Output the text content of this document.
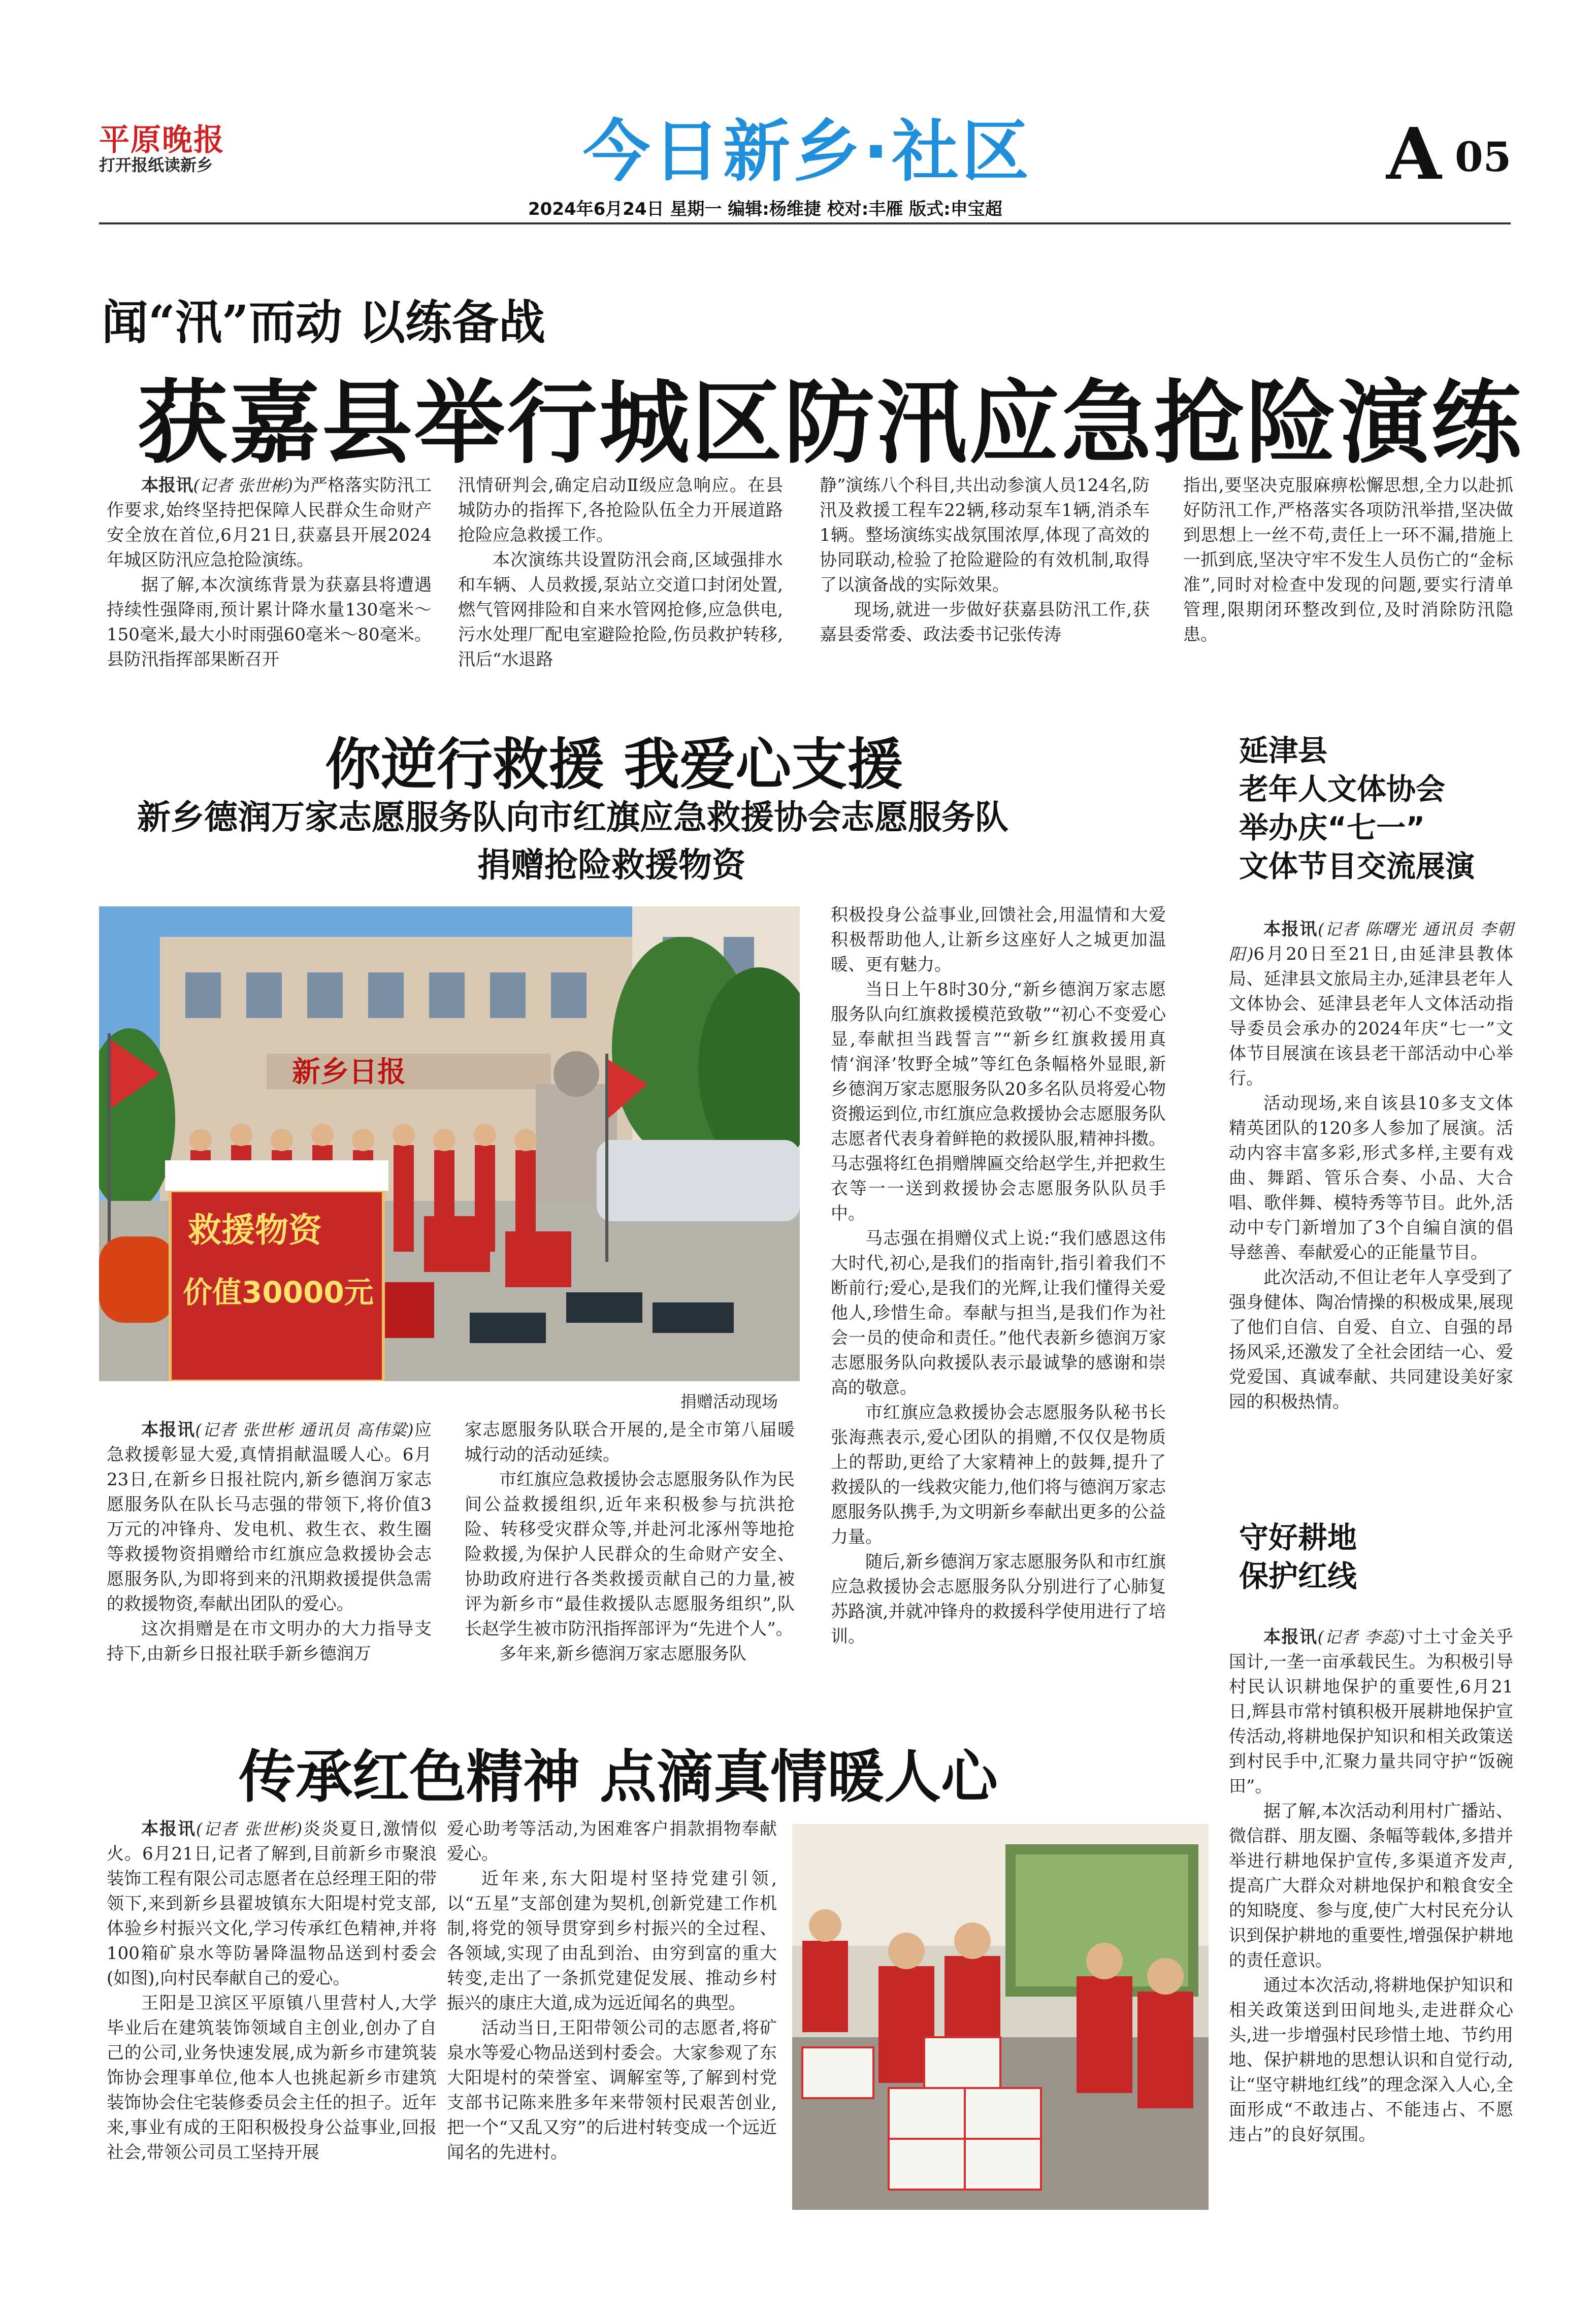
平原晚报
打开报纸读新乡	今日新乡·社区	A 05
2024年6月24日 星期一 编辑:杨维捷 校对:丰雁 版式:申宝超
闻“汛”而动 以练备战
获嘉县举行城区防汛应急抢险演练

本报讯(记者 张世彬)为严格落实防汛工作要求,始终坚持把保障人民群众生命财产安全放在首位,6月21日,获嘉县开展2024年城区防汛应急抢险演练。

据了解,本次演练背景为获嘉县将遭遇持续性强降雨,预计累计降水量130毫米～150毫米,最大小时雨强60毫米～80毫米。县防汛指挥部果断召开

汛情研判会,确定启动Ⅱ级应急响应。在县城防办的指挥下,各抢险队伍全力开展道路抢险应急救援工作。

本次演练共设置防汛会商,区域强排水和车辆、人员救援,泵站立交道口封闭处置,燃气管网排险和自来水管网抢修,应急供电,污水处理厂配电室避险抢险,伤员救护转移,汛后“水退路

静”演练八个科目,共出动参演人员124名,防汛及救援工程车22辆,移动泵车1辆,消杀车1辆。整场演练实战氛围浓厚,体现了高效的协同联动,检验了抢险避险的有效机制,取得了以演备战的实际效果。

现场,就进一步做好获嘉县防汛工作,获嘉县委常委、政法委书记张传涛

指出,要坚决克服麻痹松懈思想,全力以赴抓好防汛工作,严格落实各项防汛举措,坚决做到思想上一丝不苟,责任上一环不漏,措施上一抓到底,坚决守牢不发生人员伤亡的“金标准”,同时对检查中发现的问题,要实行清单管理,限期闭环整改到位,及时消除防汛隐患。

你逆行救援 我爱心支援
新乡德润万家志愿服务队向市红旗应急救援协会志愿服务队
捐赠抢险救援物资
新乡日报
救援物资
价值30000元
捐赠活动现场

本报讯(记者 张世彬 通讯员 高伟粱)应急救援彰显大爱,真情捐献温暖人心。6月23日,在新乡日报社院内,新乡德润万家志愿服务队在队长马志强的带领下,将价值3万元的冲锋舟、发电机、救生衣、救生圈等救援物资捐赠给市红旗应急救援协会志愿服务队,为即将到来的汛期救援提供急需的救援物资,奉献出团队的爱心。

这次捐赠是在市文明办的大力指导支持下,由新乡日报社联手新乡德润万

家志愿服务队联合开展的,是全市第八届暖城行动的活动延续。

市红旗应急救援协会志愿服务队作为民间公益救援组织,近年来积极参与抗洪抢险、转移受灾群众等,并赴河北涿州等地抢险救援,为保护人民群众的生命财产安全、协助政府进行各类救援贡献自己的力量,被评为新乡市“最佳救援队志愿服务组织”,队长赵学生被市防汛指挥部评为“先进个人”。

多年来,新乡德润万家志愿服务队

积极投身公益事业,回馈社会,用温情和大爱积极帮助他人,让新乡这座好人之城更加温暖、更有魅力。

当日上午8时30分,“新乡德润万家志愿服务队向红旗救援模范致敬”“初心不变爱心显,奉献担当践誓言”“新乡红旗救援用真情‘润泽’牧野全城”等红色条幅格外显眼,新乡德润万家志愿服务队20多名队员将爱心物资搬运到位,市红旗应急救援协会志愿服务队志愿者代表身着鲜艳的救援队服,精神抖擞。马志强将红色捐赠牌匾交给赵学生,并把救生衣等一一送到救援协会志愿服务队队员手中。

马志强在捐赠仪式上说:“我们感恩这伟大时代,初心,是我们的指南针,指引着我们不断前行;爱心,是我们的光辉,让我们懂得关爱他人,珍惜生命。奉献与担当,是我们作为社会一员的使命和责任。”他代表新乡德润万家志愿服务队向救援队表示最诚挚的感谢和崇高的敬意。

市红旗应急救援协会志愿服务队秘书长张海燕表示,爱心团队的捐赠,不仅仅是物质上的帮助,更给了大家精神上的鼓舞,提升了救援队的一线救灾能力,他们将与德润万家志愿服务队携手,为文明新乡奉献出更多的公益力量。

随后,新乡德润万家志愿服务队和市红旗应急救援协会志愿服务队分别进行了心肺复苏路演,并就冲锋舟的救援科学使用进行了培训。

传承红色精神 点滴真情暖人心

本报讯(记者 张世彬)炎炎夏日,激情似火。6月21日,记者了解到,目前新乡市聚浪装饰工程有限公司志愿者在总经理王阳的带领下,来到新乡县翟坡镇东大阳堤村党支部,体验乡村振兴文化,学习传承红色精神,并将100箱矿泉水等防暑降温物品送到村委会(如图),向村民奉献自己的爱心。

王阳是卫滨区平原镇八里营村人,大学毕业后在建筑装饰领域自主创业,创办了自己的公司,业务快速发展,成为新乡市建筑装饰协会理事单位,他本人也挑起新乡市建筑装饰协会住宅装修委员会主任的担子。近年来,事业有成的王阳积极投身公益事业,回报社会,带领公司员工坚持开展

爱心助考等活动,为困难客户捐款捐物奉献爱心。

近年来,东大阳堤村坚持党建引领,以“五星”支部创建为契机,创新党建工作机制,将党的领导贯穿到乡村振兴的全过程、各领域,实现了由乱到治、由穷到富的重大转变,走出了一条抓党建促发展、推动乡村振兴的康庄大道,成为远近闻名的典型。

活动当日,王阳带领公司的志愿者,将矿泉水等爱心物品送到村委会。大家参观了东大阳堤村的荣誉室、调解室等,了解到村党支部书记陈来胜多年来带领村民艰苦创业,把一个“又乱又穷”的后进村转变成一个远近闻名的先进村。

延津县
老年人文体协会
举办庆“七一”
文体节目交流展演

本报讯(记者 陈曙光 通讯员 李朝阳)6月20日至21日,由延津县教体局、延津县文旅局主办,延津县老年人文体协会、延津县老年人文体活动指导委员会承办的2024年庆“七一”文体节目展演在该县老干部活动中心举行。

活动现场,来自该县10多支文体精英团队的120多人参加了展演。活动内容丰富多彩,形式多样,主要有戏曲、舞蹈、管乐合奏、小品、大合唱、歌伴舞、模特秀等节目。此外,活动中专门新增加了3个自编自演的倡导慈善、奉献爱心的正能量节目。

此次活动,不但让老年人享受到了强身健体、陶冶情操的积极成果,展现了他们自信、自爱、自立、自强的昂扬风采,还激发了全社会团结一心、爱党爱国、真诚奉献、共同建设美好家园的积极热情。

守好耕地
保护红线

本报讯(记者 李蕊)寸土寸金关乎国计,一垄一亩承载民生。为积极引导村民认识耕地保护的重要性,6月21日,辉县市常村镇积极开展耕地保护宣传活动,将耕地保护知识和相关政策送到村民手中,汇聚力量共同守护“饭碗田”。

据了解,本次活动利用村广播站、微信群、朋友圈、条幅等载体,多措并举进行耕地保护宣传,多渠道齐发声,提高广大群众对耕地保护和粮食安全的知晓度、参与度,使广大村民充分认识到保护耕地的重要性,增强保护耕地的责任意识。

通过本次活动,将耕地保护知识和相关政策送到田间地头,走进群众心头,进一步增强村民珍惜土地、节约用地、保护耕地的思想认识和自觉行动,让“坚守耕地红线”的理念深入人心,全面形成“不敢违占、不能违占、不愿违占”的良好氛围。
